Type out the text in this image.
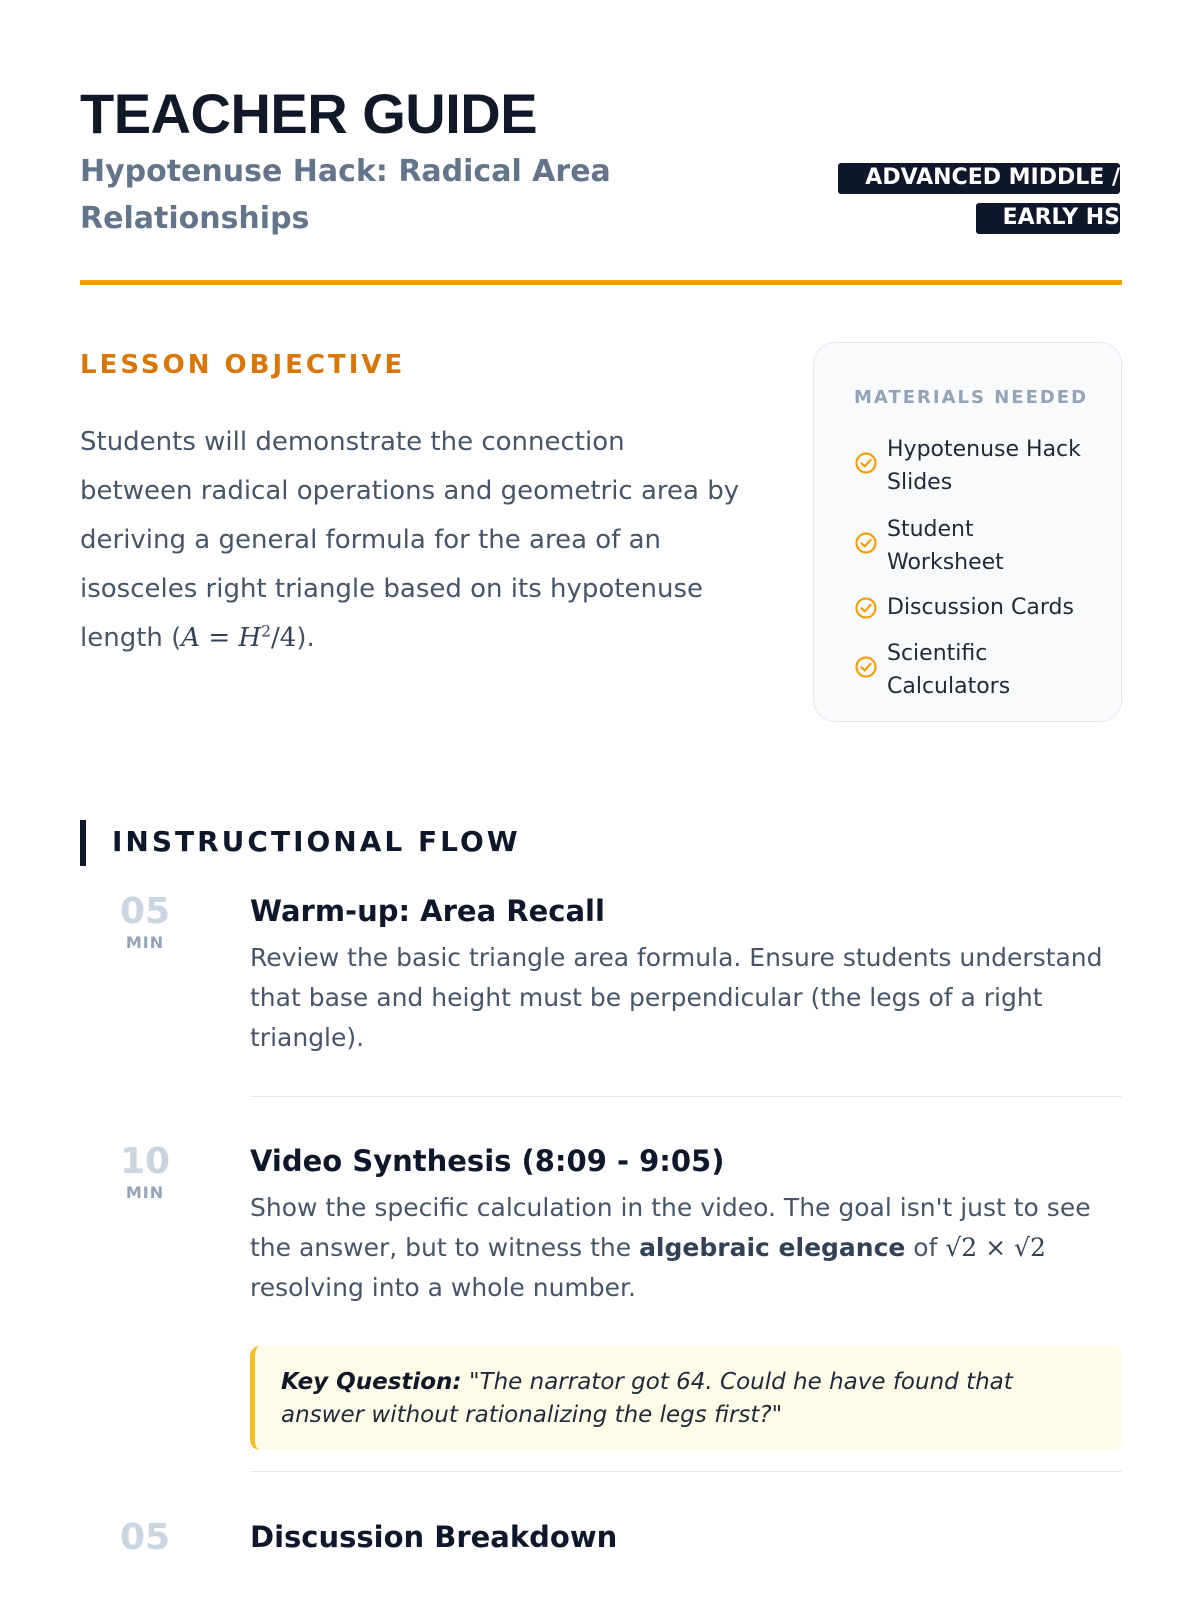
TEACHER GUIDE
Hypotenuse Hack: Radical Area Relationships
ADVANCED MIDDLE / EARLY HS
LESSON OBJECTIVE

Students will demonstrate the connection between radical operations and geometric area by deriving a general formula for the area of an isosceles right triangle based on its hypotenuse length $(A = H^2/4)$.

MATERIALS NEEDED
Hypotenuse Hack Slides
Student Worksheet
Discussion Cards
Scientific Calculators
INSTRUCTIONAL FLOW
05
MIN
Warm-up: Area Recall

Review the basic triangle area formula. Ensure students understand that base and height must be perpendicular (the legs of a right triangle).

10
MIN
Video Synthesis (8:09 - 9:05)

Show the specific calculation in the video. The goal isn't just to see the answer, but to witness the algebraic elegance of √2 × √2 resolving into a whole number.

Key Question: "The narrator got 64. Could he have found that answer without rationalizing the legs first?"
05	Discussion Breakdown
